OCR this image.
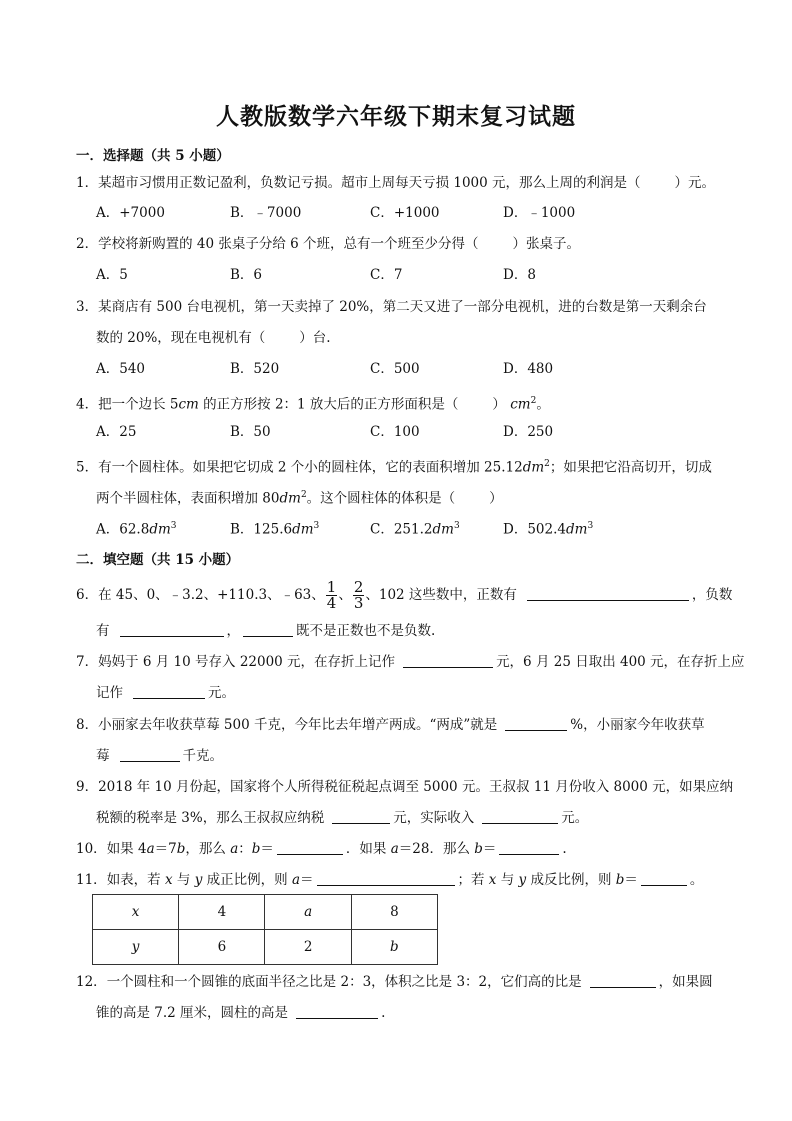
人教版数学六年级下期末复习试题
一．选择题（共 5 小题）
1．某超市习惯用正数记盈利，负数记亏损。超市上周每天亏损 1000 元，那么上周的利润是（	）元。
A．+7000	B．﹣7000	C．+1000	D．﹣1000
2．学校将新购置的 40 张桌子分给 6 个班，总有一个班至少分得（	）张桌子。
A．5	B．6	C．7	D．8
3．某商店有 500 台电视机，第一天卖掉了 20%，第二天又进了一部分电视机，进的台数是第一天剩余台
数的 20%，现在电视机有（	）台.
A．540	B．520	C．500	D．480
4．把一个边长 5cm 的正方形按 2：1 放大后的正方形面积是（	） $cm^2$。
A．25	B．50	C．100	D．250
5．有一个圆柱体。如果把它切成 2 个小的圆柱体，它的表面积增加 $25.12dm^2$；如果把它沿高切开，切成
两个半圆柱体，表面积增加 $80dm^2$。这个圆柱体的体积是（	）
A．$62.8dm^3$	B．$125.6dm^3$	C．$251.2dm^3$	D．$502.4dm^3$
二．填空题（共 15 小题）
6．在 45、0、﹣3.2、+110.3、﹣63、 $\frac{1}{4}$ 、 $\frac{2}{3}$ 、102 这些数中，正数有	，负数
有	，	既不是正数也不是负数.
7．妈妈于 6 月 10 号存入 22000 元，在存折上记作	元，6 月 25 日取出 400 元，在存折上应
记作	元。
8．小丽家去年收获草莓 500 千克，今年比去年增产两成。“两成”就是	%，小丽家今年收获草
莓	千克。
9．2018 年 10 月份起，国家将个人所得税征税起点调至 5000 元。王叔叔 11 月份收入 8000 元，如果应纳
税额的税率是 3%，那么王叔叔应纳税	元，实际收入	元。
10．如果 4a＝7b，那么 a：b＝	．如果 a＝28．那么 b＝	.
11．如表，若 x 与 y 成正比例，则 a＝	；若 x 与 y 成反比例，则 b＝	。
x	4	a	8
y	6	2	b
12．一个圆柱和一个圆锥的底面半径之比是 2：3，体积之比是 3：2，它们高的比是	，如果圆
锥的高是 7.2 厘米，圆柱的高是	.
